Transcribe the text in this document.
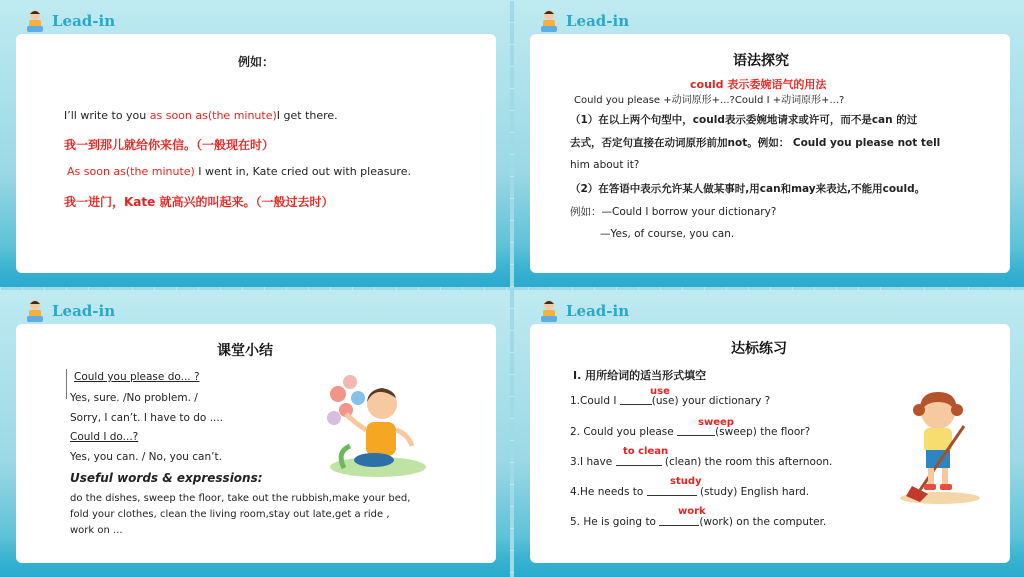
Lead-in
例如：
I’ll write to you as soon as(the minute)I get there.
我一到那儿就给你来信。（一般现在时）
As soon as(the minute) I went in, Kate cried out with pleasure.
我一进门，Kate 就高兴的叫起来。（一般过去时）
Lead-in
语法探究
could 表示委婉语气的用法
Could you please +动词原形+...?Could I +动词原形+...?
（1）在以上两个句型中，could表示委婉地请求或许可，而不是can 的过
去式，否定句直接在动词原形前加not。例如： Could you please not tell
him about it?
（2）在答语中表示允许某人做某事时,用can和may来表达,不能用could。
例如：—Could I borrow your dictionary?
—Yes, of course, you can.
Lead-in
课堂小结
Could you please do... ?
Yes, sure. /No problem. /
Sorry, I can’t. I have to do ....
Could I do...?
Yes, you can. / No, you can’t.
Useful words & expressions:
do the dishes, sweep the floor, take out the rubbish,make your bed,
fold your clothes, clean the living room,stay out late,get a ride ,
work on ...
Lead-in
达标练习
Ⅰ. 用所给词的适当形式填空
1.Could I	(use) your dictionary ?
use
2. Could you please	(sweep) the floor?
sweep
3.I have	(clean) the room this afternoon.
to clean
4.He needs to	(study) English hard.
study
5. He is going to	(work) on the computer.
work
